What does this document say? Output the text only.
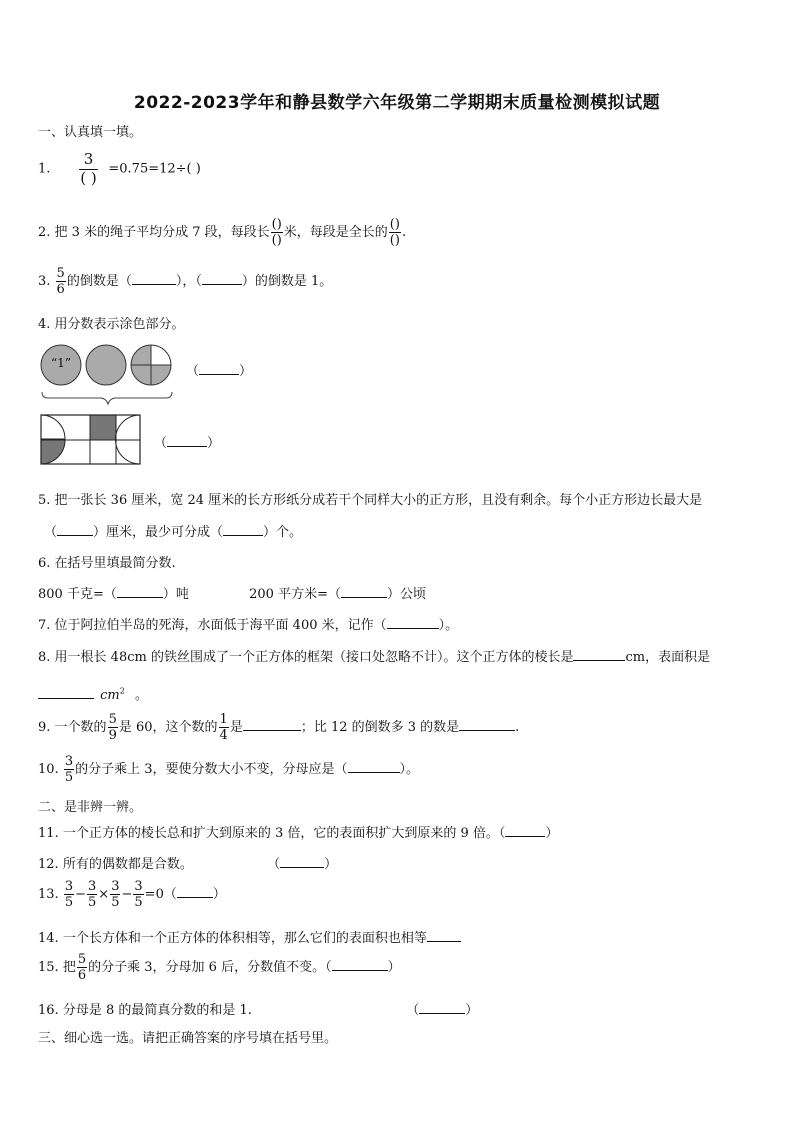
2022-2023学年和静县数学六年级第二学期期末质量检测模拟试题
一、认真填一填。
1. $\frac{3}{( )} =0.75=12\div$( )
2. 把 3 米的绳子平均分成 7 段，每段长 $\frac{()}{()}$ 米，每段是全长的 $\frac{()}{()}$ .
3. $\frac{5}{6}$ 的倒数是（	），（	）的倒数是 1。
4. 用分数表示涂色部分。
“1”
（	）
（	）
5. 把一张长 36 厘米，宽 24 厘米的长方形纸分成若干个同样大小的正方形，且没有剩余。每个小正方形边长最大是
（	）厘米，最少可分成（	）个。
6. 在括号里填最简分数.
800 千克=（	）吨	200 平方米=（	）公顷
7. 位于阿拉伯半岛的死海，水面低于海平面 400 米，记作（	）。
8. 用一根长 48cm 的铁丝围成了一个正方体的框架（接口处忽略不计）。这个正方体的棱长是	cm，表面积是
$cm^2$ 。
9. 一个数的 $\frac{5}{9}$ 是 60，这个数的 $\frac{1}{4}$ 是	；比 12 的倒数多 3 的数是	.
10. $\frac{3}{5}$ 的分子乘上 3，要使分数大小不变，分母应是（	）。
二、是非辨一辨。
11. 一个正方体的棱长总和扩大到原来的 3 倍，它的表面积扩大到原来的 9 倍。（	）
12. 所有的偶数都是合数。	（	）
13. $\frac{3}{5} - \frac{3}{5} \times \frac{3}{5} - \frac{3}{5} =0$（	）
14. 一个长方体和一个正方体的体积相等，那么它们的表面积也相等
15. 把 $\frac{5}{6}$ 的分子乘 3，分母加 6 后，分数值不变。（	）
16. 分母是 8 的最简真分数的和是 1.	（	）
三、细心选一选。请把正确答案的序号填在括号里。
